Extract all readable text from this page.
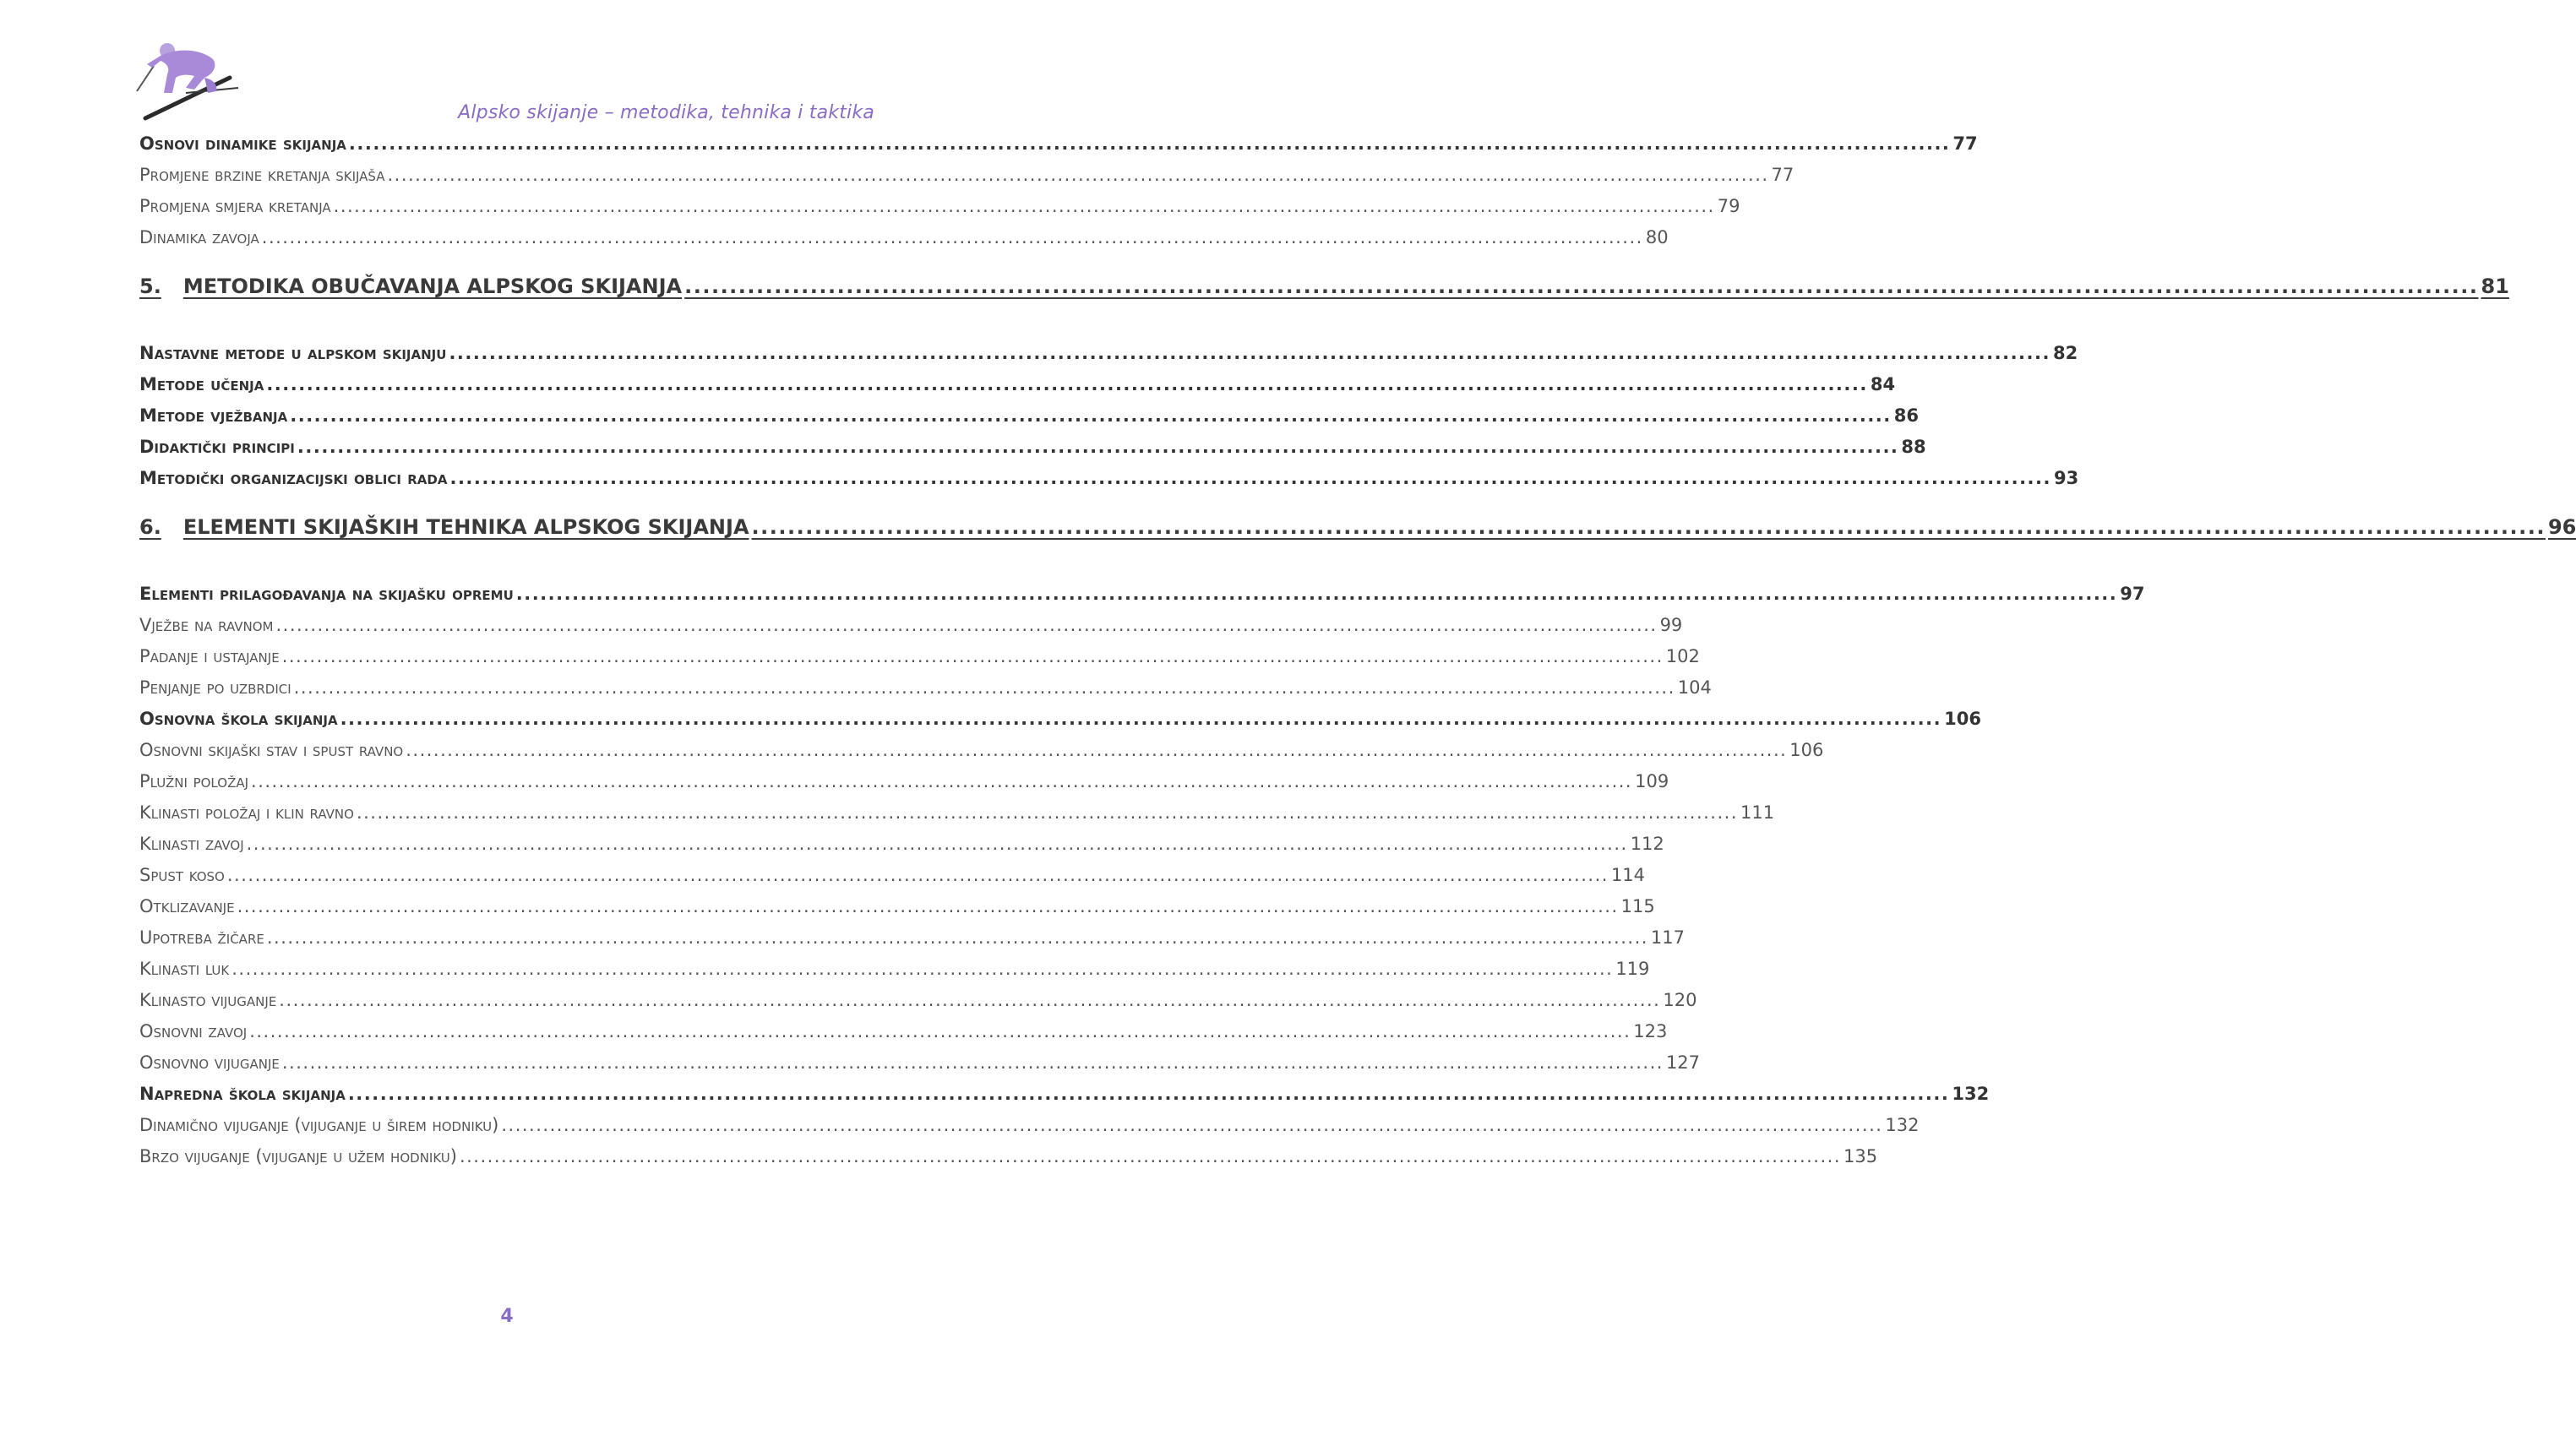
Alpsko skijanje – metodika, tehnika i taktika
Osnovi dinamike skijanja ........................................................................................................................................................................................................ 77
Promjene brzine kretanja skijaša ........................................................................................................................................................................................................ 77
Promjena smjera kretanja ........................................................................................................................................................................................................ 79
Dinamika zavoja ........................................................................................................................................................................................................ 80
5. METODIKA OBUČAVANJA ALPSKOG SKIJANJA ........................................................................................................................................................................................................ 81
Nastavne metode u alpskom skijanju ........................................................................................................................................................................................................ 82
Metode učenja ........................................................................................................................................................................................................ 84
Metode vježbanja ........................................................................................................................................................................................................ 86
Didaktički principi ........................................................................................................................................................................................................ 88
Metodički organizacijski oblici rada ........................................................................................................................................................................................................ 93
6. ELEMENTI SKIJAŠKIH TEHNIKA ALPSKOG SKIJANJA ........................................................................................................................................................................................................ 96
Elementi prilagođavanja na skijašku opremu ........................................................................................................................................................................................................ 97
Vježbe na ravnom ........................................................................................................................................................................................................ 99
Padanje i ustajanje ........................................................................................................................................................................................................ 102
Penjanje po uzbrdici ........................................................................................................................................................................................................ 104
Osnovna škola skijanja ........................................................................................................................................................................................................ 106
Osnovni skijaški stav i spust ravno ........................................................................................................................................................................................................ 106
Plužni položaj ........................................................................................................................................................................................................ 109
Klinasti položaj i klin ravno ........................................................................................................................................................................................................ 111
Klinasti zavoj ........................................................................................................................................................................................................ 112
Spust koso ........................................................................................................................................................................................................ 114
Otklizavanje ........................................................................................................................................................................................................ 115
Upotreba žičare ........................................................................................................................................................................................................ 117
Klinasti luk ........................................................................................................................................................................................................ 119
Klinasto vijuganje ........................................................................................................................................................................................................ 120
Osnovni zavoj ........................................................................................................................................................................................................ 123
Osnovno vijuganje ........................................................................................................................................................................................................ 127
Napredna škola skijanja ........................................................................................................................................................................................................ 132
Dinamično vijuganje (vijuganje u širem hodniku) ........................................................................................................................................................................................................ 132
Brzo vijuganje (vijuganje u užem hodniku) ........................................................................................................................................................................................................ 135
4
